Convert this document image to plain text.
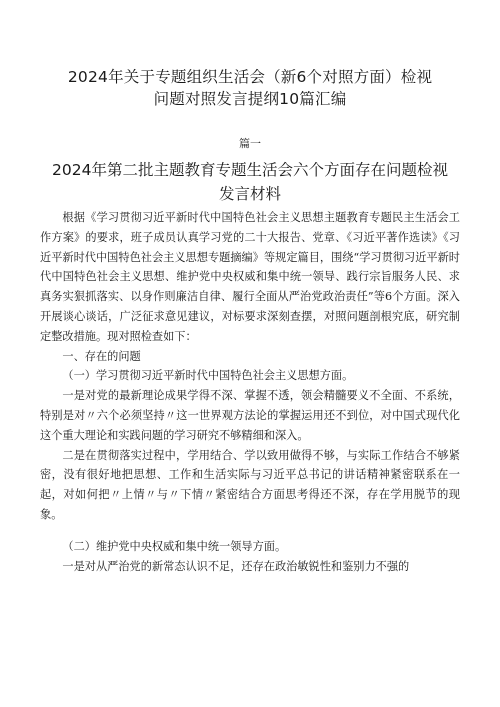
2024年关于专题组织生活会（新6个对照方面）检视
问题对照发言提纲10篇汇编
篇一
2024年第二批主题教育专题生活会六个方面存在问题检视
发言材料

根据《学习贯彻习近平新时代中国特色社会主义思想主题教育专题民主生活会工作方案》的要求，班子成员认真学习党的二十大报告、党章、《习近平著作选读》《习近平新时代中国特色社会主义思想专题摘编》等规定篇目，围绕“学习贯彻习近平新时代中国特色社会主义思想、维护党中央权威和集中统一领导、践行宗旨服务人民、求真务实狠抓落实、以身作则廉洁自律、履行全面从严治党政治责任”等6个方面。深入开展谈心谈话，广泛征求意见建议，对标要求深刻查摆，对照问题剖根究底，研究制定整改措施。现对照检查如下：

一、存在的问题

（一）学习贯彻习近平新时代中国特色社会主义思想方面。

一是对党的最新理论成果学得不深、掌握不透，领会精髓要义不全面、不系统，特别是对〃六个必须坚持〃这一世界观方法论的掌握运用还不到位，对中国式现代化这个重大理论和实践问题的学习研究不够精细和深入。

二是在贯彻落实过程中，学用结合、学以致用做得不够，与实际工作结合不够紧密，没有很好地把思想、工作和生活实际与习近平总书记的讲话精神紧密联系在一起，对如何把〃上情〃与〃下情〃紧密结合方面思考得还不深，存在学用脱节的现象。

（二）维护党中央权威和集中统一领导方面。

一是对从严治党的新常态认识不足，还存在政治敏锐性和鉴别力不强的
